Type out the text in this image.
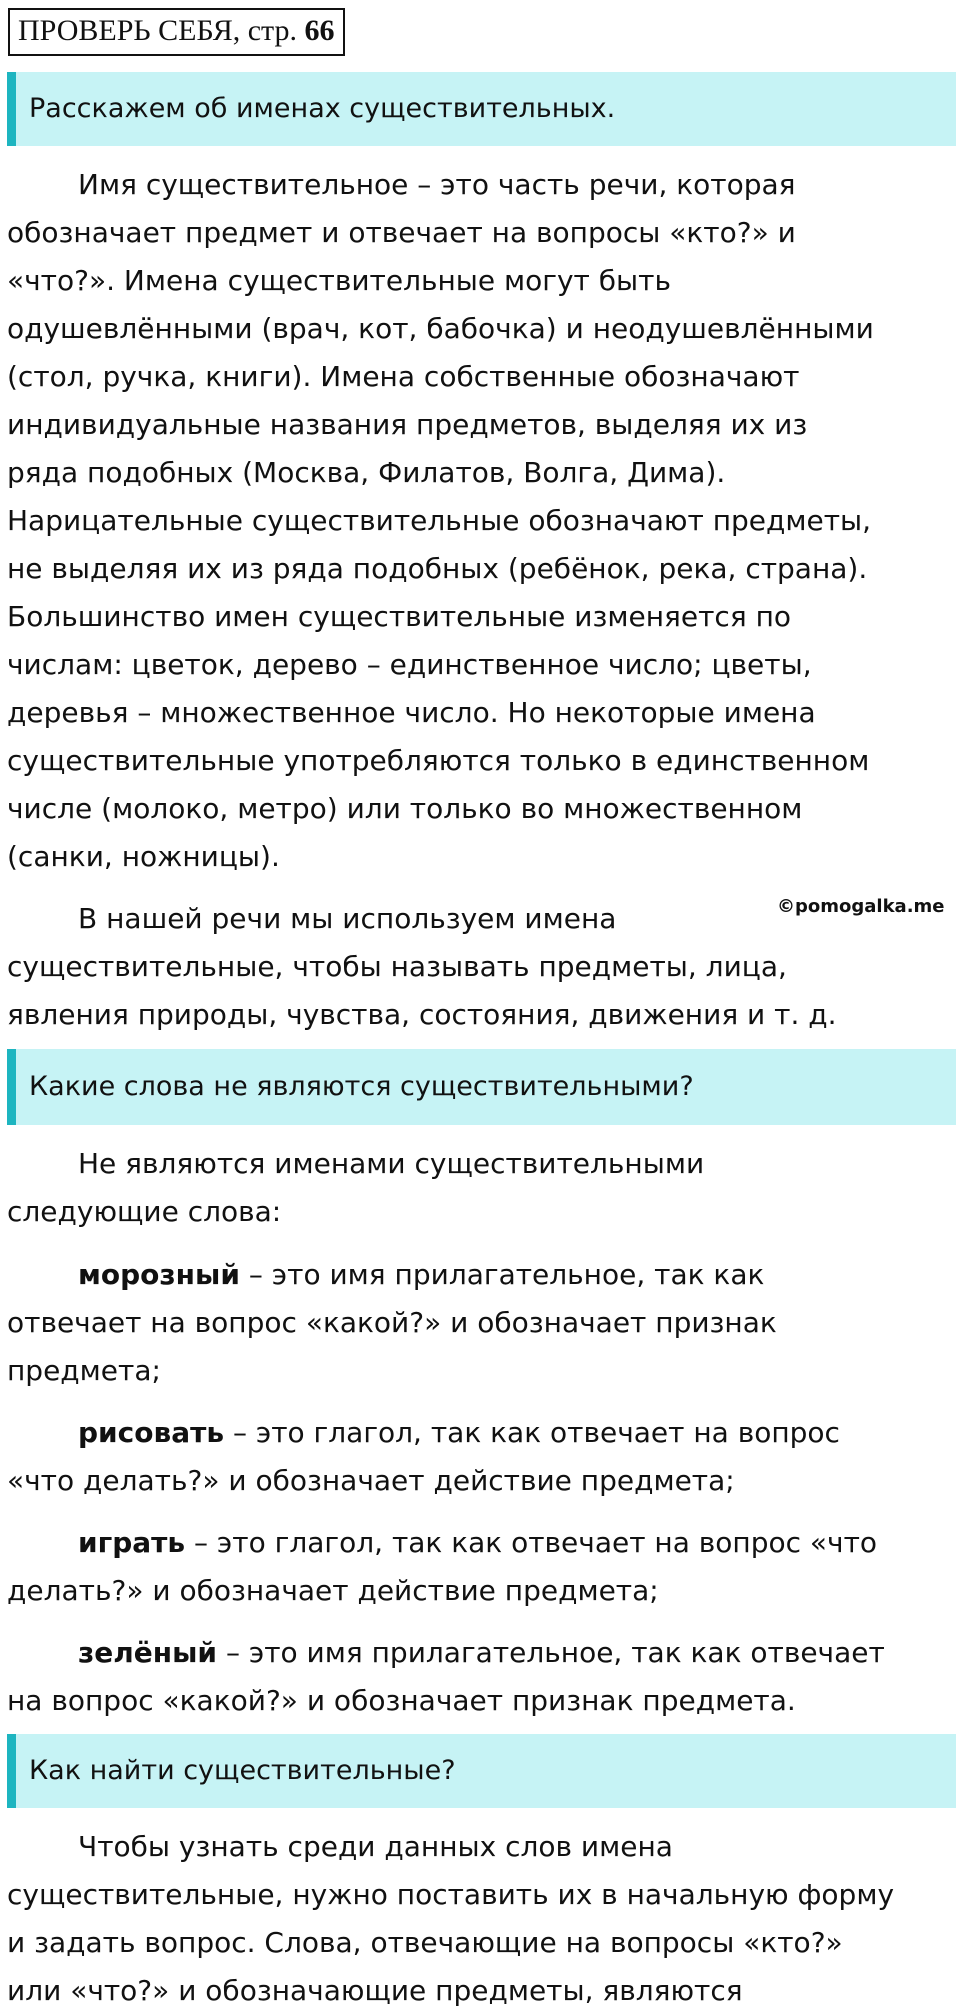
ПРОВЕРЬ СЕБЯ, стр. 66
Расскажем об именах существительных.
Имя существительное – это часть речи, которая
обозначает предмет и отвечает на вопросы «кто?» и
«что?». Имена существительные могут быть
одушевлёнными (врач, кот, бабочка) и неодушевлёнными
(стол, ручка, книги). Имена собственные обозначают
индивидуальные названия предметов, выделяя их из
ряда подобных (Москва, Филатов, Волга, Дима).
Нарицательные существительные обозначают предметы,
не выделяя их из ряда подобных (ребёнок, река, страна).
Большинство имен существительные изменяется по
числам: цветок, дерево – единственное число; цветы,
деревья – множественное число. Но некоторые имена
существительные употребляются только в единственном
числе (молоко, метро) или только во множественном
(санки, ножницы).
©pomogalka.me
В нашей речи мы используем имена
существительные, чтобы называть предметы, лица,
явления природы, чувства, состояния, движения и т. д.
Какие слова не являются существительными?
Не являются именами существительными
следующие слова:
морозный – это имя прилагательное, так как
отвечает на вопрос «какой?» и обозначает признак
предмета;
рисовать – это глагол, так как отвечает на вопрос
«что делать?» и обозначает действие предмета;
играть – это глагол, так как отвечает на вопрос «что
делать?» и обозначает действие предмета;
зелёный – это имя прилагательное, так как отвечает
на вопрос «какой?» и обозначает признак предмета.
Как найти существительные?
Чтобы узнать среди данных слов имена
существительные, нужно поставить их в начальную форму
и задать вопрос. Слова, отвечающие на вопросы «кто?»
или «что?» и обозначающие предметы, являются
